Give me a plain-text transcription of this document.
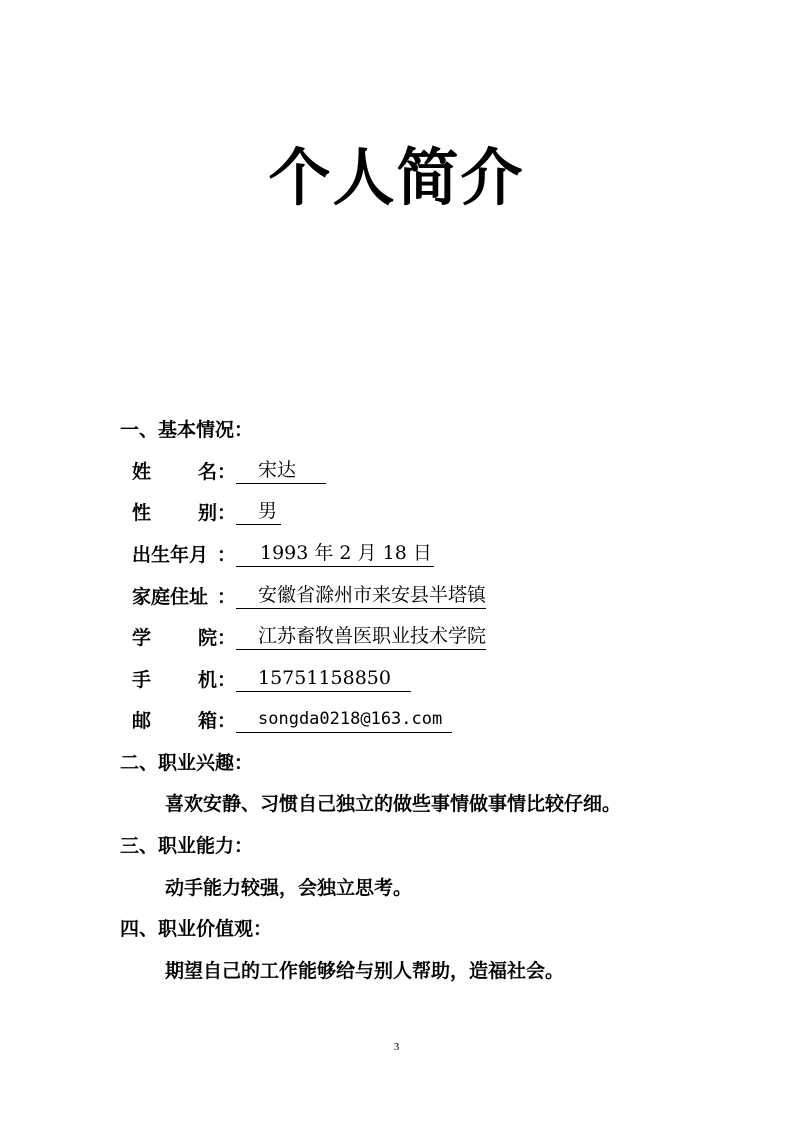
个人简介
一、基本情况：
姓 名：	宋达
性 别：	男
出生年月 ：	1993 年 2 月 18 日
家庭住址 ：	安徽省滁州市来安县半塔镇
学 院：	江苏畜牧兽医职业技术学院
手 机：	15751158850
邮 箱：	songda0218@163.com
二、职业兴趣：
喜欢安静、习惯自己独立的做些事情做事情比较仔细。
三、职业能力：
动手能力较强，会独立思考。
四、职业价值观：
期望自己的工作能够给与别人帮助，造福社会。
3
